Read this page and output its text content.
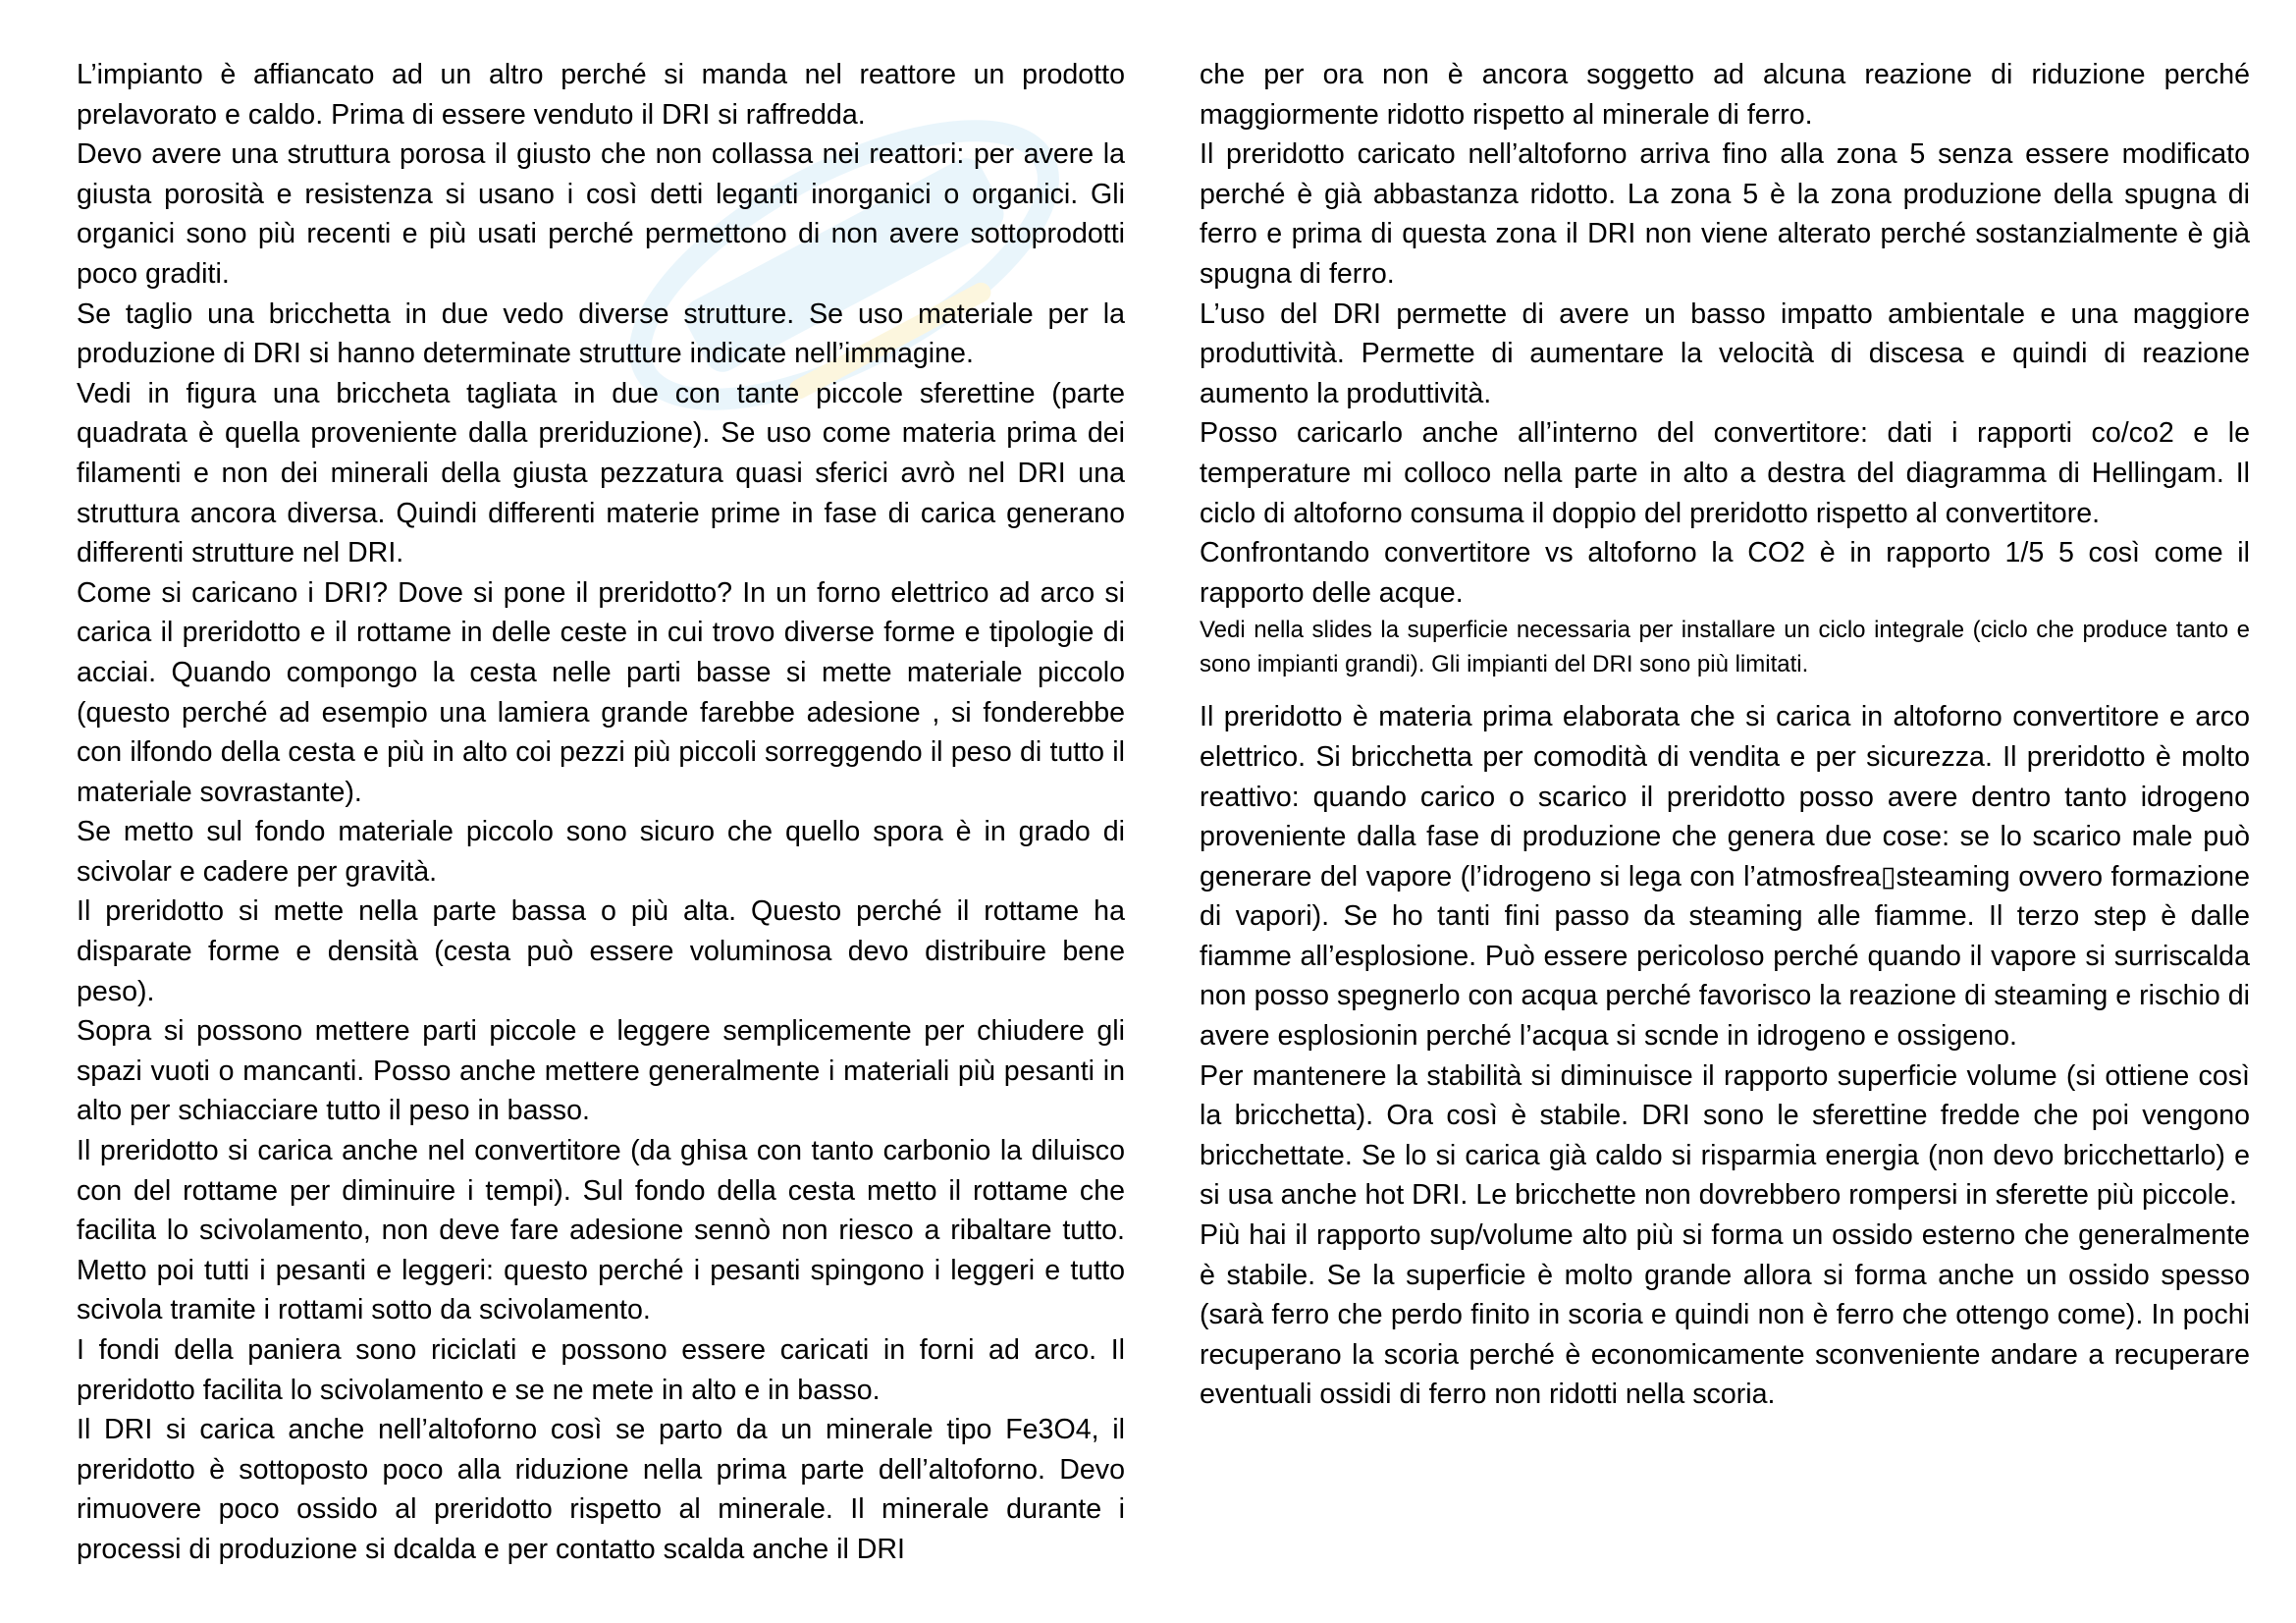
L’impianto è affiancato ad un altro perché si manda nel reattore un prodotto prelavorato e caldo. Prima di essere venduto il DRI si raffredda.

Devo avere una struttura porosa il giusto che non collassa nei reattori: per avere la giusta porosità e resistenza si usano i così detti leganti inorganici o organici. Gli organici sono più recenti e più usati perché permettono di non avere sottoprodotti poco graditi.

Se taglio una bricchetta in due vedo diverse strutture. Se uso materiale per la produzione di DRI si hanno determinate strutture indicate nell’immagine.

Vedi in figura una briccheta tagliata in due con tante piccole sferettine (parte quadrata è quella proveniente dalla preriduzione). Se uso come materia prima dei filamenti e non dei minerali della giusta pezzatura quasi sferici avrò nel DRI una struttura ancora diversa. Quindi differenti materie prime in fase di carica generano differenti strutture nel DRI.

Come si caricano i DRI? Dove si pone il preridotto? In un forno elettrico ad arco si carica il preridotto e il rottame in delle ceste in cui trovo diverse forme e tipologie di acciai. Quando compongo la cesta nelle parti basse si mette materiale piccolo (questo perché ad esempio una lamiera grande farebbe adesione , si fonderebbe con ilfondo della cesta e più in alto coi pezzi più piccoli sorreggendo il peso di tutto il materiale sovrastante).

Se metto sul fondo materiale piccolo sono sicuro che quello spora è in grado di scivolar e cadere per gravità.

Il preridotto si mette nella parte bassa o più alta. Questo perché il rottame ha disparate forme e densità (cesta può essere voluminosa devo distribuire bene peso).

Sopra si possono mettere parti piccole e leggere semplicemente per chiudere gli spazi vuoti o mancanti. Posso anche mettere generalmente i materiali più pesanti in alto per schiacciare tutto il peso in basso.

Il preridotto si carica anche nel convertitore (da ghisa con tanto carbonio la diluisco con del rottame per diminuire i tempi). Sul fondo della cesta metto il rottame che facilita lo scivolamento, non deve fare adesione sennò non riesco a ribaltare tutto. Metto poi tutti i pesanti e leggeri: questo perché i pesanti spingono i leggeri e tutto scivola tramite i rottami sotto da scivolamento.

I fondi della paniera sono riciclati e possono essere caricati in forni ad arco. Il preridotto facilita lo scivolamento e se ne mete in alto e in basso.

Il DRI si carica anche nell’altoforno così se parto da un minerale tipo Fe3O4, il preridotto è sottoposto poco alla riduzione nella prima parte dell’altoforno. Devo rimuovere poco ossido al preridotto rispetto al minerale. Il minerale durante i processi di produzione si dcalda e per contatto scalda anche il DRI

che per ora non è ancora soggetto ad alcuna reazione di riduzione perché maggiormente ridotto rispetto al minerale di ferro.

Il preridotto caricato nell’altoforno arriva fino alla zona 5 senza essere modificato perché è già abbastanza ridotto. La zona 5 è la zona produzione della spugna di ferro e prima di questa zona il DRI non viene alterato perché sostanzialmente è già spugna di ferro.

L’uso del DRI permette di avere un basso impatto ambientale e una maggiore produttività. Permette di aumentare la velocità di discesa e quindi di reazione aumento la produttività.

Posso caricarlo anche all’interno del convertitore: dati i rapporti co/co2 e le temperature mi colloco nella parte in alto a destra del diagramma di Hellingam. Il ciclo di altoforno consuma il doppio del preridotto rispetto al convertitore.

Confrontando convertitore vs altoforno la CO2 è in rapporto 1/5 5 così come il rapporto delle acque.

Vedi nella slides la superficie necessaria per installare un ciclo integrale (ciclo che produce tanto e sono impianti grandi). Gli impianti del DRI sono più limitati.

Il preridotto è materia prima elaborata che si carica in altoforno convertitore e arco elettrico. Si bricchetta per comodità di vendita e per sicurezza. Il preridotto è molto reattivo: quando carico o scarico il preridotto posso avere dentro tanto idrogeno proveniente dalla fase di produzione che genera due cose: se lo scarico male può generare del vapore (l’idrogeno si lega con l’atmosfrea▯steaming ovvero formazione di vapori). Se ho tanti fini passo da steaming alle fiamme. Il terzo step è dalle fiamme all’esplosione. Può essere pericoloso perché quando il vapore si surriscalda non posso spegnerlo con acqua perché favorisco la reazione di steaming e rischio di avere esplosionin perché l’acqua si scnde in idrogeno e ossigeno.

Per mantenere la stabilità si diminuisce il rapporto superficie volume (si ottiene così la bricchetta). Ora così è stabile. DRI sono le sferettine fredde che poi vengono bricchettate. Se lo si carica già caldo si risparmia energia (non devo bricchettarlo) e si usa anche hot DRI. Le bricchette non dovrebbero rompersi in sferette più piccole.

Più hai il rapporto sup/volume alto più si forma un ossido esterno che generalmente è stabile. Se la superficie è molto grande allora si forma anche un ossido spesso (sarà ferro che perdo finito in scoria e quindi non è ferro che ottengo come). In pochi recuperano la scoria perché è economicamente sconveniente andare a recuperare eventuali ossidi di ferro non ridotti nella scoria.
